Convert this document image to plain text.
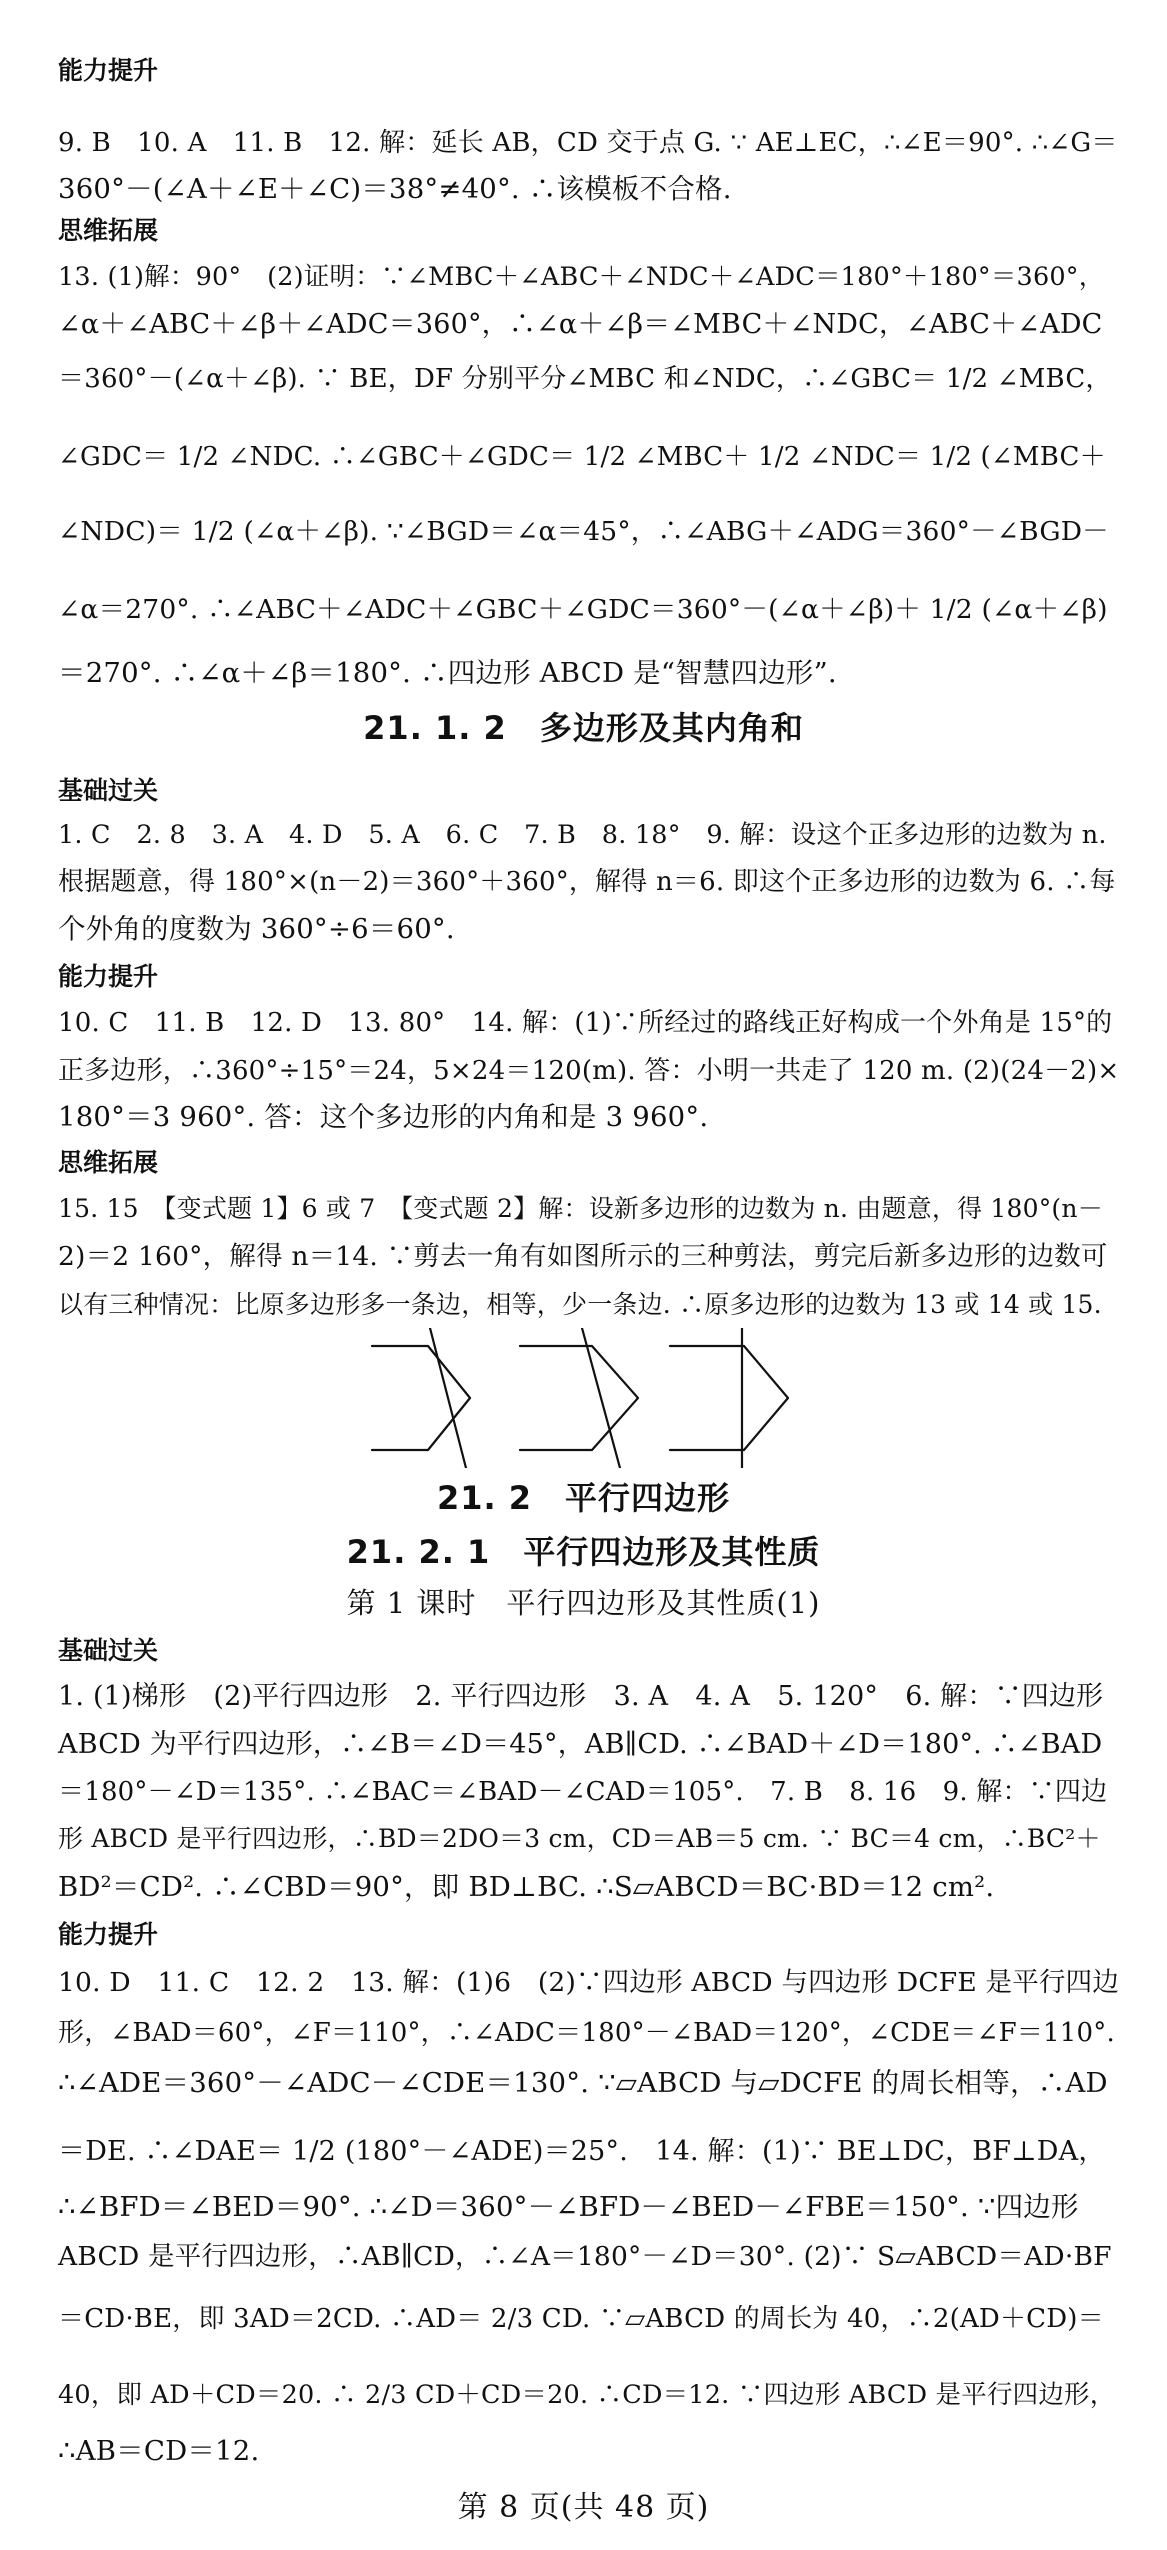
能力提升
9. B　10. A　11. B　12. 解：延长 AB，CD 交于点 G. ∵ AE⊥EC，∴∠E＝90°. ∴∠G＝
360°－(∠A＋∠E＋∠C)＝38°≠40°. ∴该模板不合格.
思维拓展
13. (1)解：90°　(2)证明：∵∠MBC＋∠ABC＋∠NDC＋∠ADC＝180°＋180°＝360°，
∠α＋∠ABC＋∠β＋∠ADC＝360°，∴∠α＋∠β＝∠MBC＋∠NDC，∠ABC＋∠ADC
＝360°－(∠α＋∠β). ∵ BE，DF 分别平分∠MBC 和∠NDC，∴∠GBC＝ 1/2 ∠MBC，
∠GDC＝ 1/2 ∠NDC. ∴∠GBC＋∠GDC＝ 1/2 ∠MBC＋ 1/2 ∠NDC＝ 1/2 (∠MBC＋
∠NDC)＝ 1/2 (∠α＋∠β). ∵∠BGD＝∠α＝45°，∴∠ABG＋∠ADG＝360°－∠BGD－
∠α＝270°. ∴∠ABC＋∠ADC＋∠GBC＋∠GDC＝360°－(∠α＋∠β)＋ 1/2 (∠α＋∠β)
＝270°. ∴∠α＋∠β＝180°. ∴四边形 ABCD 是“智慧四边形”.
21. 1. 2　多边形及其内角和
基础过关
1. C　2. 8　3. A　4. D　5. A　6. C　7. B　8. 18°　9. 解：设这个正多边形的边数为 n.
根据题意，得 180°×(n－2)＝360°＋360°，解得 n＝6. 即这个正多边形的边数为 6. ∴每
个外角的度数为 360°÷6＝60°.
能力提升
10. C　11. B　12. D　13. 80°　14. 解：(1)∵所经过的路线正好构成一个外角是 15°的
正多边形，∴360°÷15°＝24，5×24＝120(m). 答：小明一共走了 120 m. (2)(24－2)×
180°＝3 960°. 答：这个多边形的内角和是 3 960°.
思维拓展
15. 15　【变式题 1】6 或 7　【变式题 2】解：设新多边形的边数为 n. 由题意，得 180°(n－
2)＝2 160°，解得 n＝14. ∵剪去一角有如图所示的三种剪法，剪完后新多边形的边数可
以有三种情况：比原多边形多一条边，相等，少一条边. ∴原多边形的边数为 13 或 14 或 15.
21. 2　平行四边形
21. 2. 1　平行四边形及其性质
第 1 课时　平行四边形及其性质(1)
基础过关
1. (1)梯形　(2)平行四边形　2. 平行四边形　3. A　4. A　5. 120°　6. 解：∵四边形
ABCD 为平行四边形，∴∠B＝∠D＝45°，AB∥CD. ∴∠BAD＋∠D＝180°. ∴∠BAD
＝180°－∠D＝135°. ∴∠BAC＝∠BAD－∠CAD＝105°.　7. B　8. 16　9. 解：∵四边
形 ABCD 是平行四边形，∴BD＝2DO＝3 cm，CD＝AB＝5 cm. ∵ BC＝4 cm，∴BC²＋
BD²＝CD². ∴∠CBD＝90°，即 BD⊥BC. ∴S▱ABCD＝BC·BD＝12 cm².
能力提升
10. D　11. C　12. 2　13. 解：(1)6　(2)∵四边形 ABCD 与四边形 DCFE 是平行四边
形，∠BAD＝60°，∠F＝110°，∴∠ADC＝180°－∠BAD＝120°，∠CDE＝∠F＝110°.
∴∠ADE＝360°－∠ADC－∠CDE＝130°. ∵▱ABCD 与▱DCFE 的周长相等，∴AD
＝DE. ∴∠DAE＝ 1/2 (180°－∠ADE)＝25°.　14. 解：(1)∵ BE⊥DC，BF⊥DA，
∴∠BFD＝∠BED＝90°. ∴∠D＝360°－∠BFD－∠BED－∠FBE＝150°. ∵四边形
ABCD 是平行四边形，∴AB∥CD，∴∠A＝180°－∠D＝30°. (2)∵ S▱ABCD＝AD·BF
＝CD·BE，即 3AD＝2CD. ∴AD＝ 2/3 CD. ∵▱ABCD 的周长为 40，∴2(AD＋CD)＝
40，即 AD＋CD＝20. ∴ 2/3 CD＋CD＝20. ∴CD＝12. ∵四边形 ABCD 是平行四边形，
∴AB＝CD＝12.
第 8 页(共 48 页)
